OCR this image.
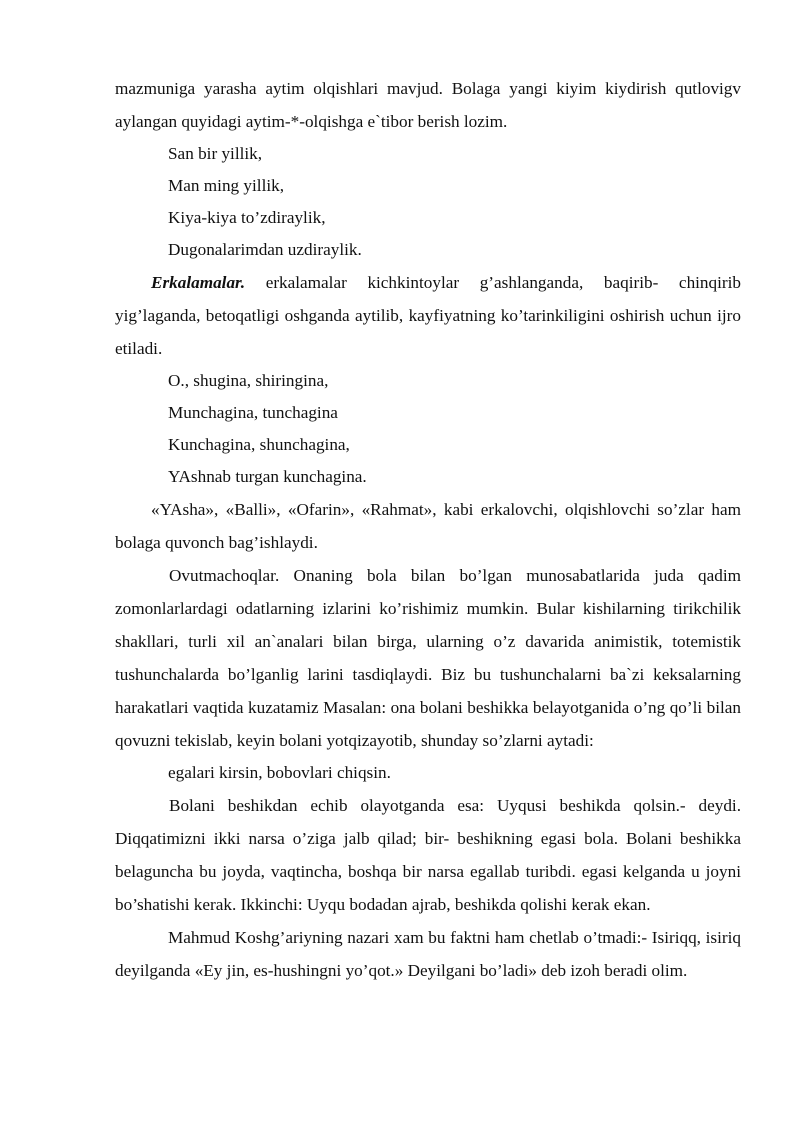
mazmuniga yarasha aytim olqishlari mavjud. Bolaga yangi kiyim kiydirish qutlovigv aylangan quyidagi aytim-*-olqishga e`tibor berish lozim.

San bir yillik,

Man ming yillik,

Kiya-kiya to’zdiraylik,

Dugonalarimdan uzdiraylik.

Erkalamalar. erkalamalar kichkintoylar g’ashlanganda, baqirib- chinqirib yig’laganda, betoqatligi oshganda aytilib, kayfiyatning ko’tarinkiligini oshirish uchun ijro etiladi.

O., shugina, shiringina,

Munchagina, tunchagina

Kunchagina, shunchagina,

YAshnab turgan kunchagina.

«YAsha», «Balli», «Ofarin», «Rahmat», kabi erkalovchi, olqishlovchi so’zlar ham bolaga quvonch bag’ishlaydi.

Ovutmachoqlar. Onaning bola bilan bo’lgan munosabatlarida juda qadim zomonlarlardagi odatlarning izlarini ko’rishimiz mumkin. Bular kishilarning tirikchilik shakllari, turli xil an`analari bilan birga, ularning o’z davarida animistik, totemistik tushunchalarda bo’lganlig larini tasdiqlaydi. Biz bu tushunchalarni ba`zi keksalarning harakatlari vaqtida kuzatamiz Masalan: ona bolani beshikka belayotganida o’ng qo’li bilan qovuzni tekislab, keyin bolani yotqizayotib, shunday so’zlarni aytadi:

egalari kirsin, bobovlari chiqsin.

Bolani beshikdan echib olayotganda esa: Uyqusi beshikda qolsin.- deydi. Diqqatimizni ikki narsa o’ziga jalb qilad; bir- beshikning egasi bola. Bolani beshikka belaguncha bu joyda, vaqtincha, boshqa bir narsa egallab turibdi. egasi kelganda u joyni bo’shatishi kerak. Ikkinchi: Uyqu bodadan ajrab, beshikda qolishi kerak ekan.

Mahmud Koshg’ariyning nazari xam bu faktni ham chetlab o’tmadi:- Isiriqq, isiriq deyilganda «Ey jin, es-hushingni yo’qot.» Deyilgani bo’ladi» deb izoh beradi olim.
